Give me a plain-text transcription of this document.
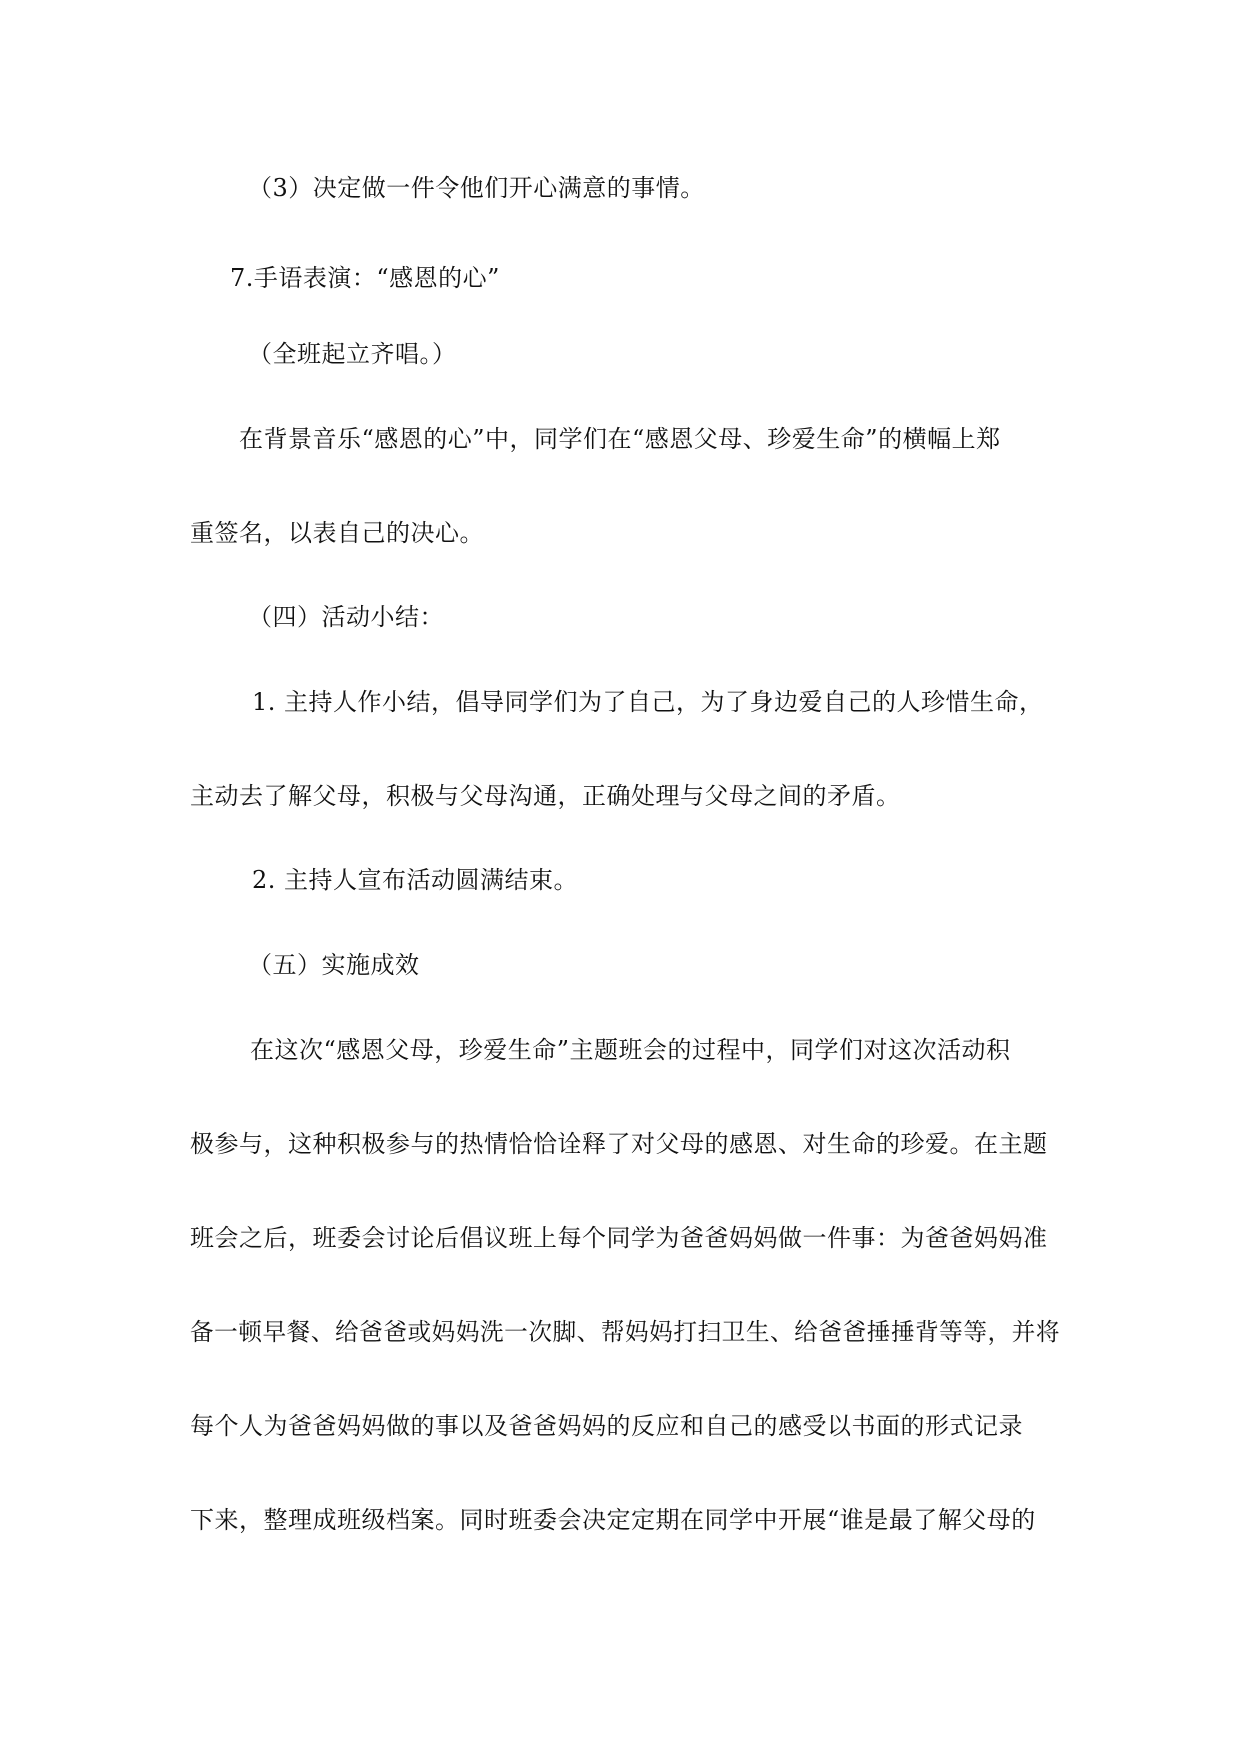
（3）决定做一件令他们开心满意的事情。
7.手语表演：“感恩的心”
（全班起立齐唱。）
在背景音乐“感恩的心”中，同学们在“感恩父母、珍爱生命”的横幅上郑
重签名，以表自己的决心。
（四）活动小结：
1. 主持人作小结，倡导同学们为了自己，为了身边爱自己的人珍惜生命，
主动去了解父母，积极与父母沟通，正确处理与父母之间的矛盾。
2. 主持人宣布活动圆满结束。
（五）实施成效
在这次“感恩父母，珍爱生命”主题班会的过程中，同学们对这次活动积
极参与，这种积极参与的热情恰恰诠释了对父母的感恩、对生命的珍爱。在主题
班会之后，班委会讨论后倡议班上每个同学为爸爸妈妈做一件事：为爸爸妈妈准
备一顿早餐、给爸爸或妈妈洗一次脚、帮妈妈打扫卫生、给爸爸捶捶背等等，并将
每个人为爸爸妈妈做的事以及爸爸妈妈的反应和自己的感受以书面的形式记录
下来，整理成班级档案。同时班委会决定定期在同学中开展“谁是最了解父母的
